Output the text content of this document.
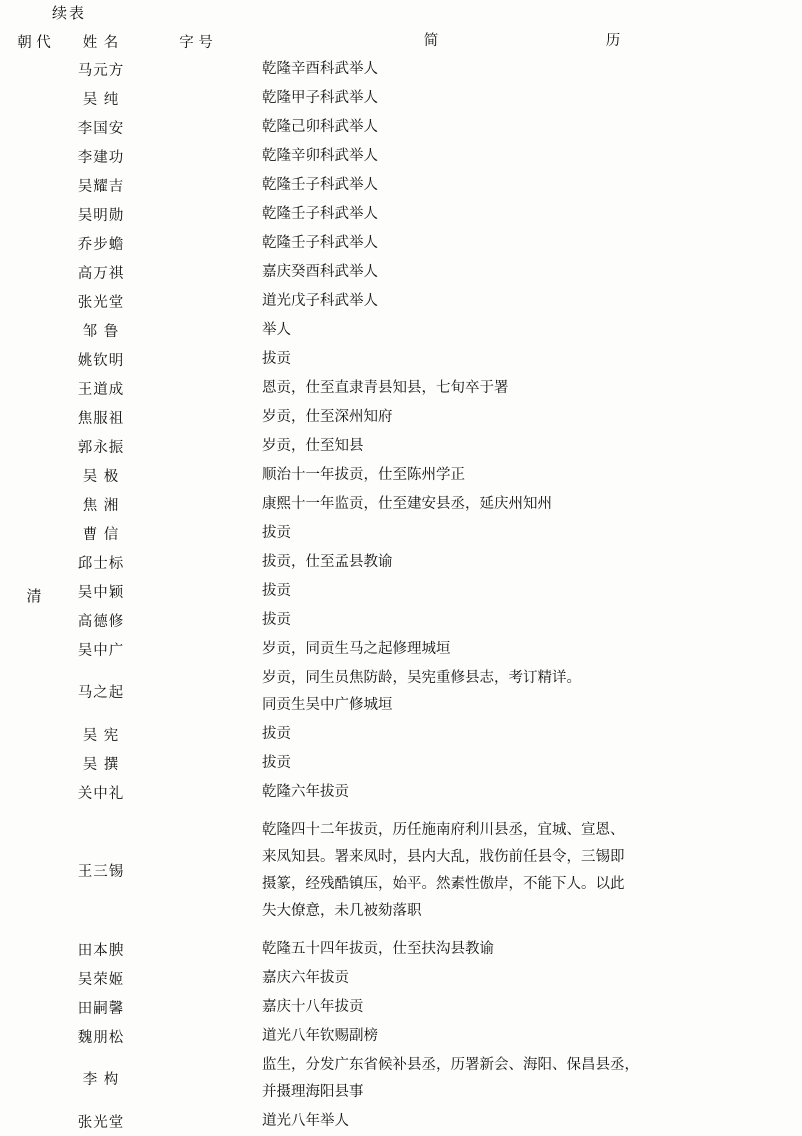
续表
朝 代	姓 名	字 号	简 历

清	马元方		乾隆辛酉科武举人

	吴 纯		乾隆甲子科武举人

	李国安		乾隆己卯科武举人

	李建功		乾隆辛卯科武举人

	吴耀吉		乾隆壬子科武举人

	吴明勋		乾隆壬子科武举人

	乔步蟾		乾隆壬子科武举人

	高万祺		嘉庆癸酉科武举人

	张光堂		道光戊子科武举人

	邹 鲁		举人

	姚钦明		拔贡

	王道成		恩贡，仕至直隶青县知县，七旬卒于署

	焦服祖		岁贡，仕至深州知府

	郭永振		岁贡，仕至知县

	吴 极		顺治十一年拔贡，仕至陈州学正

	焦 湘		康熙十一年监贡，仕至建安县丞，延庆州知州

	曹 信		拔贡

	邱士标		拔贡，仕至孟县教谕

	吴中颖		拔贡

	高德修		拔贡

	吴中广		岁贡，同贡生马之起修理城垣

	马之起		岁贡，同生员焦防龄，吴宪重修县志，考订精详。
同贡生吴中广修城垣

	吴 宪		拔贡

	吴 撰		拔贡

	关中礼		乾隆六年拔贡

	王三锡		乾隆四十二年拔贡，历任施南府利川县丞，宜城、宣恩、
来凤知县。署来凤时，县内大乱，戕伤前任县令，三锡即
摄篆，经残酷镇压，始平。然素性傲岸，不能下人。以此
失大僚意，未几被劾落职

	田本腴		乾隆五十四年拔贡，仕至扶沟县教谕

	吴荣姬		嘉庆六年拔贡

	田嗣馨		嘉庆十八年拔贡

	魏朋松		道光八年钦赐副榜

	李 构		监生，分发广东省候补县丞，历署新会、海阳、保昌县丞，
并摄理海阳县事

	张光堂		道光八年举人
